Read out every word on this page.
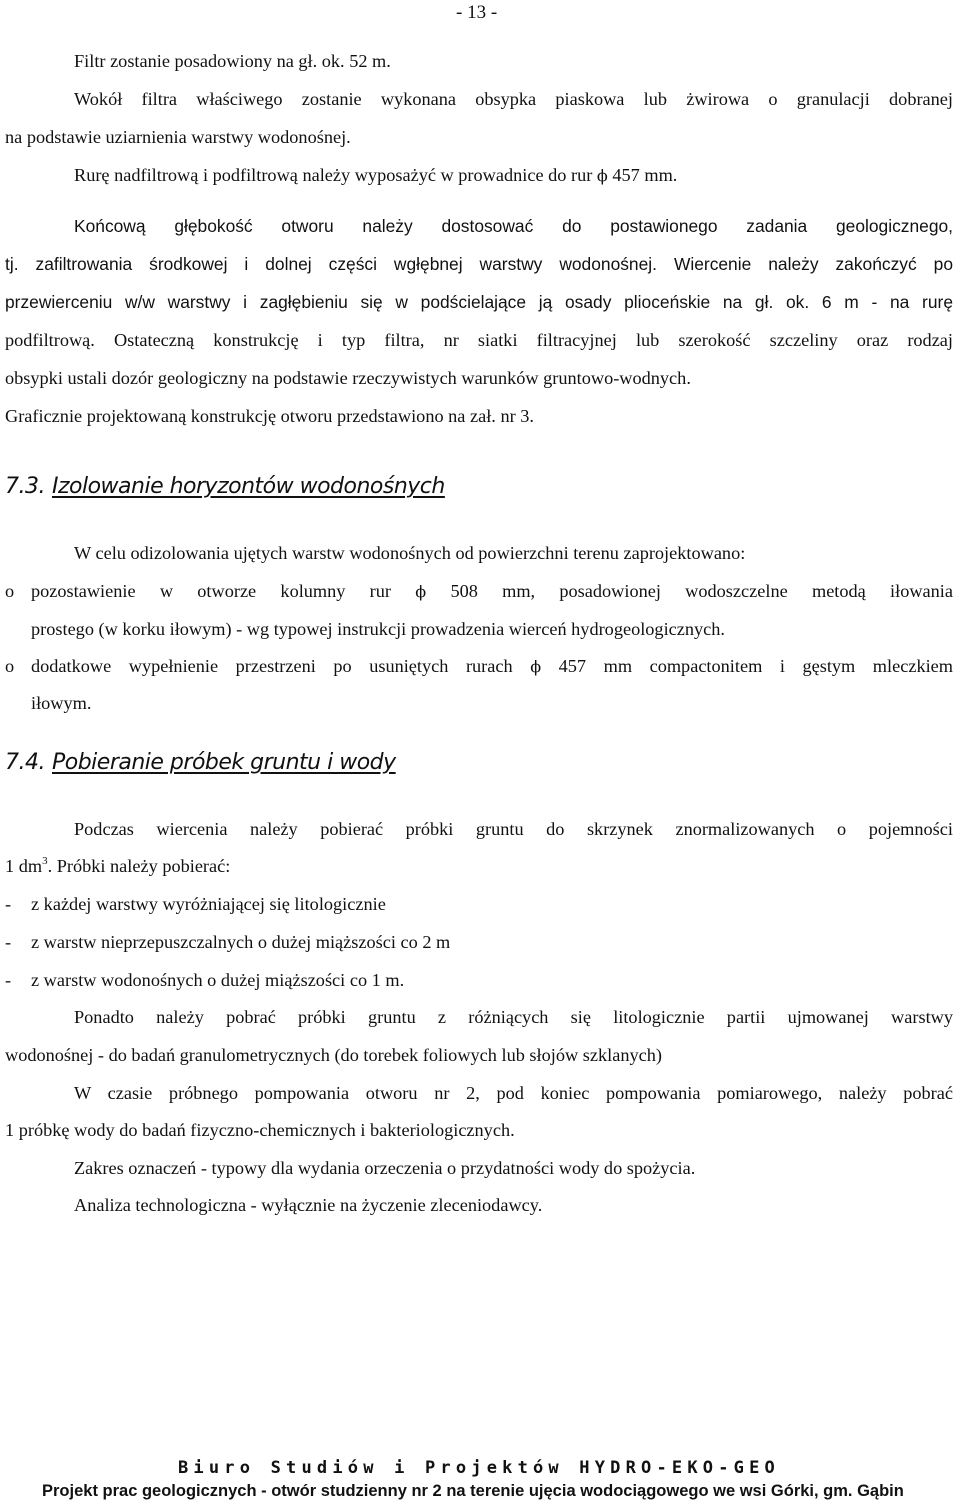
- 13 -
Filtr zostanie posadowiony na gł. ok. 52 m.
Wokół filtra właściwego zostanie wykonana obsypka piaskowa lub żwirowa o granulacji dobranej
na podstawie uziarnienia warstwy wodonośnej.
Rurę nadfiltrową i podfiltrową należy wyposażyć w prowadnice do rur ϕ 457 mm.
Końcową głębokość otworu należy dostosować do postawionego zadania geologicznego,
tj. zafiltrowania środkowej i dolnej części wgłębnej warstwy wodonośnej. Wiercenie należy zakończyć po
przewierceniu w/w warstwy i zagłębieniu się w podścielające ją osady plioceńskie na gł. ok. 6 m - na rurę
podfiltrową. Ostateczną konstrukcję i typ filtra, nr siatki filtracyjnej lub szerokość szczeliny oraz rodzaj
obsypki ustali dozór geologiczny na podstawie rzeczywistych warunków gruntowo-wodnych.
Graficznie projektowaną konstrukcję otworu przedstawiono na zał. nr 3.
7.3. Izolowanie horyzontów wodonośnych
W celu odizolowania ujętych warstw wodonośnych od powierzchni terenu zaprojektowano:
o pozostawienie w otworze kolumny rur ϕ 508 mm, posadowionej wodoszczelne metodą iłowania
prostego (w korku iłowym) - wg typowej instrukcji prowadzenia wierceń hydrogeologicznych.
o dodatkowe wypełnienie przestrzeni po usuniętych rurach ϕ 457 mm compactonitem i gęstym mleczkiem
iłowym.
7.4. Pobieranie próbek gruntu i wody
Podczas wiercenia należy pobierać próbki gruntu do skrzynek znormalizowanych o pojemności
1 $dm^3$. Próbki należy pobierać:
- z każdej warstwy wyróżniającej się litologicznie
- z warstw nieprzepuszczalnych o dużej miąższości co 2 m
- z warstw wodonośnych o dużej miąższości co 1 m.
Ponadto należy pobrać próbki gruntu z różniących się litologicznie partii ujmowanej warstwy
wodonośnej - do badań granulometrycznych (do torebek foliowych lub słojów szklanych)
W czasie próbnego pompowania otworu nr 2, pod koniec pompowania pomiarowego, należy pobrać
1 próbkę wody do badań fizyczno-chemicznych i bakteriologicznych.
Zakres oznaczeń - typowy dla wydania orzeczenia o przydatności wody do spożycia.
Analiza technologiczna - wyłącznie na życzenie zleceniodawcy.
Biuro Studiów i Projektów HYDRO-EKO-GEO
Projekt prac geologicznych - otwór studzienny nr 2 na terenie ujęcia wodociągowego we wsi Górki, gm. Gąbin
